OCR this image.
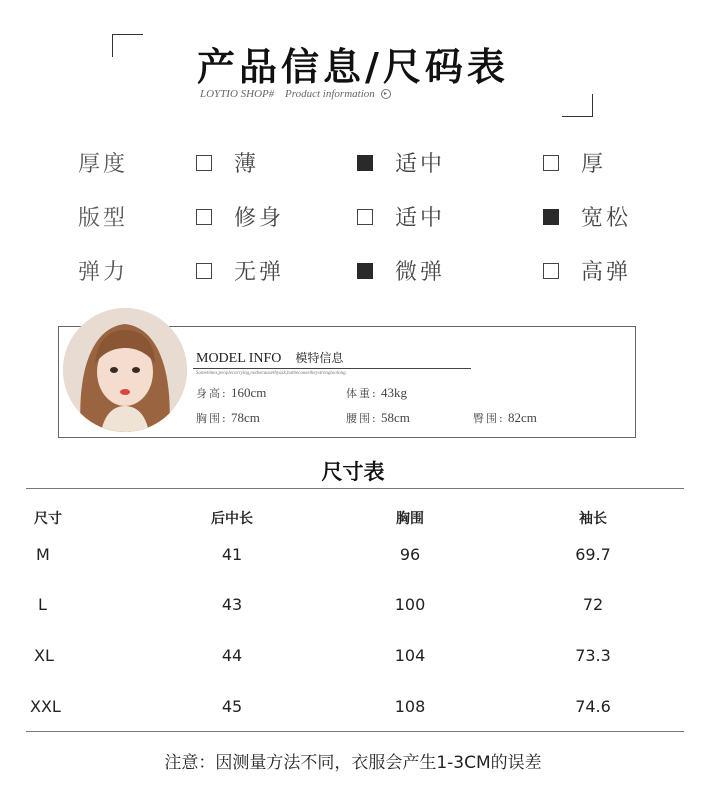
产品信息/尺码表
LOYTIO SHOP# Product information ▸
厚度	薄	适中	厚
版型	修身	适中	宽松
弹力	无弹	微弹	高弹
MODEL INFO 模特信息
Sometimes,peoplecarrying,notbecausethyask,butbecausetheystrongtoolong.
身高: 160cm	体重: 43kg
胸围: 78cm	腰围: 58cm	臀围: 82cm
尺寸表
尺寸	后中长	胸围	袖长
M	41	96	69.7
L	43	100	72
XL	44	104	73.3
XXL	45	108	74.6
注意：因测量方法不同，衣服会产生1-3CM的误差
